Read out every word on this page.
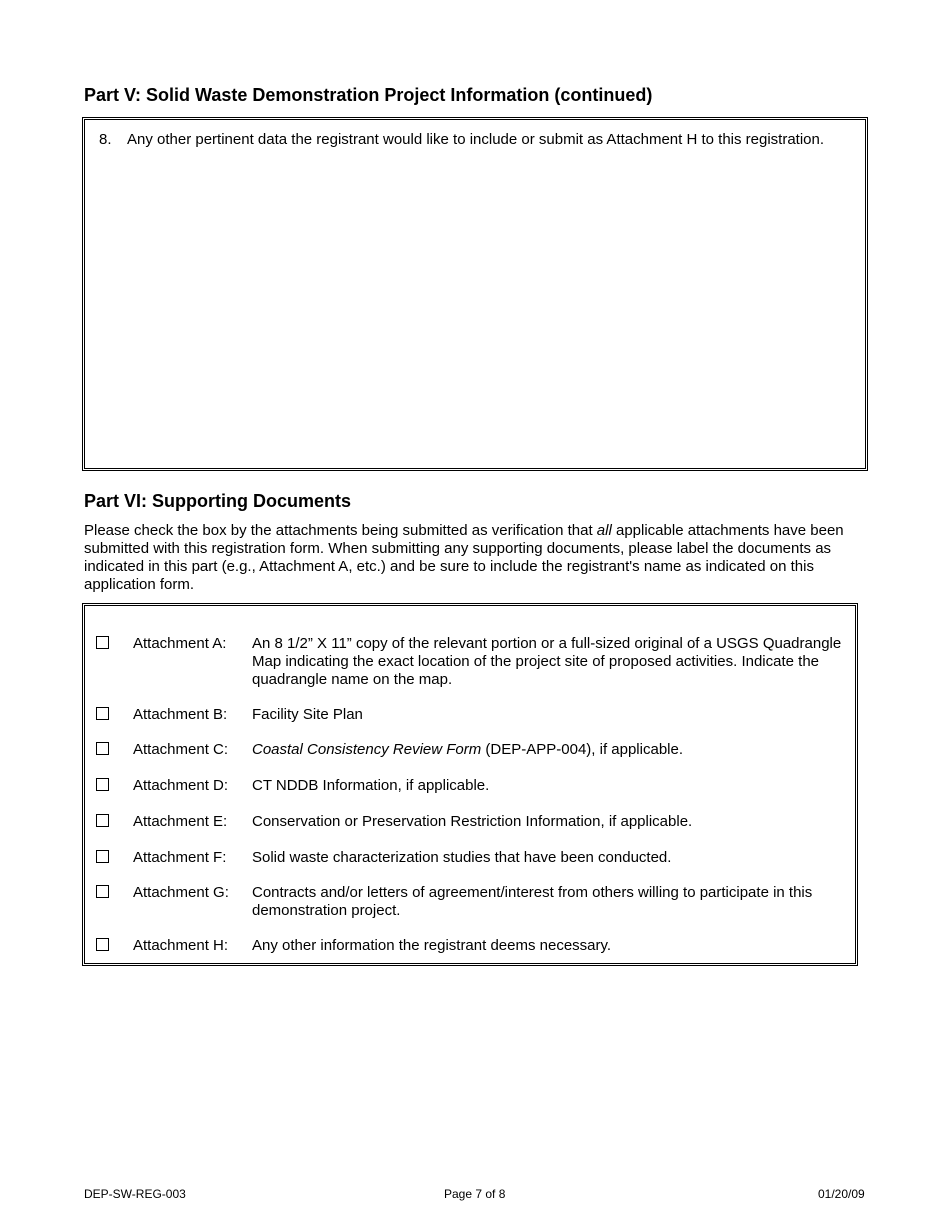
Part V: Solid Waste Demonstration Project Information (continued)
8. Any other pertinent data the registrant would like to include or submit as Attachment H to this registration.
Part VI: Supporting Documents

Please check the box by the attachments being submitted as verification that all applicable attachments have been submitted with this registration form. When submitting any supporting documents, please label the documents as indicated in this part (e.g., Attachment A, etc.) and be sure to include the registrant's name as indicated on this application form.

Attachment A: An 8 1/2” X 11” copy of the relevant portion or a full-sized original of a USGS Quadrangle Map indicating the exact location of the project site of proposed activities. Indicate the quadrangle name on the map.
Attachment B: Facility Site Plan
Attachment C: Coastal Consistency Review Form (DEP-APP-004), if applicable.
Attachment D: CT NDDB Information, if applicable.
Attachment E: Conservation or Preservation Restriction Information, if applicable.
Attachment F: Solid waste characterization studies that have been conducted.
Attachment G: Contracts and/or letters of agreement/interest from others willing to participate in this demonstration project.
Attachment H: Any other information the registrant deems necessary.
DEP-SW-REG-003	Page 7 of 8	01/20/09
